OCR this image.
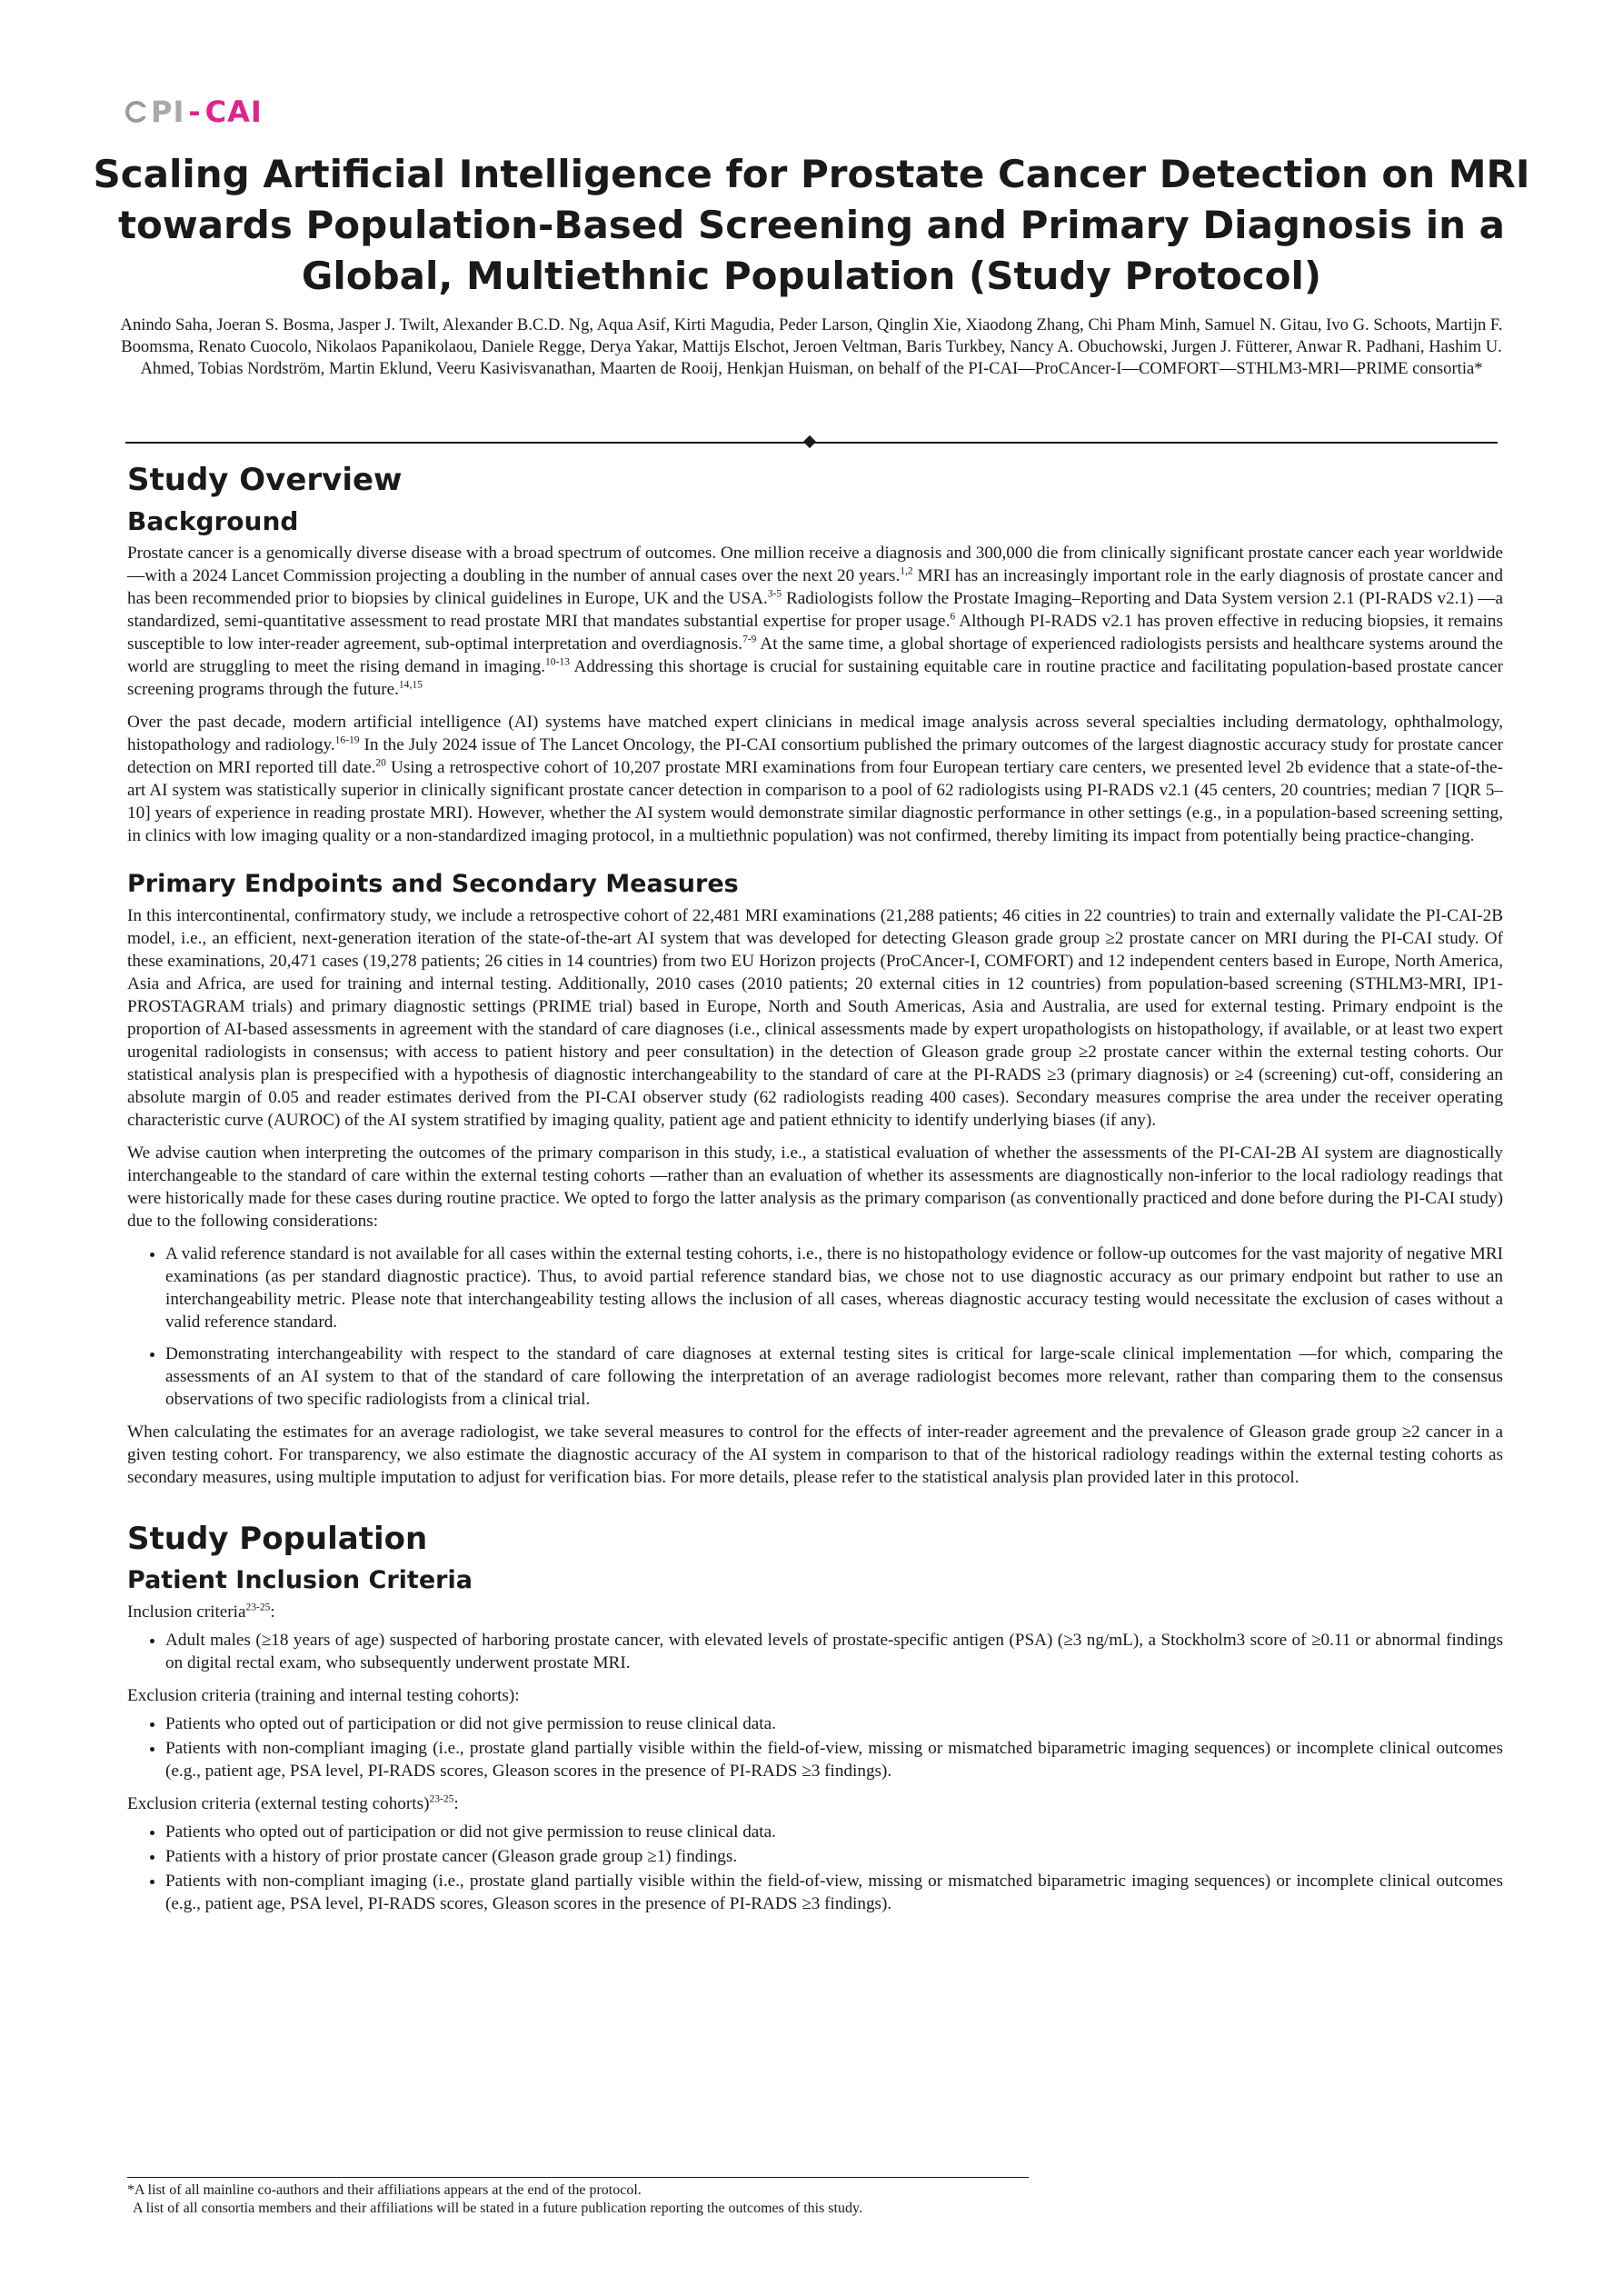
PI - CAI
Scaling Artificial Intelligence for Prostate Cancer Detection on MRI towards Population-Based Screening and Primary Diagnosis in a Global, Multiethnic Population (Study Protocol)

Anindo Saha, Joeran S. Bosma, Jasper J. Twilt, Alexander B.C.D. Ng, Aqua Asif, Kirti Magudia, Peder Larson, Qinglin Xie, Xiaodong Zhang, Chi Pham Minh, Samuel N. Gitau, Ivo G. Schoots, Martijn F. Boomsma, Renato Cuocolo, Nikolaos Papanikolaou, Daniele Regge, Derya Yakar, Mattijs Elschot, Jeroen Veltman, Baris Turkbey, Nancy A. Obuchowski, Jurgen J. Fütterer, Anwar R. Padhani, Hashim U. Ahmed, Tobias Nordström, Martin Eklund, Veeru Kasivisvanathan, Maarten de Rooij, Henkjan Huisman, on behalf of the PI-CAI—ProCAncer-I—COMFORT—STHLM3-MRI—PRIME consortia*

Study Overview
Background

Prostate cancer is a genomically diverse disease with a broad spectrum of outcomes. One million receive a diagnosis and 300,000 die from clinically significant prostate cancer each year worldwide —with a 2024 Lancet Commission projecting a doubling in the number of annual cases over the next 20 years.$^{1,2}$ MRI has an increasingly important role in the early diagnosis of prostate cancer and has been recommended prior to biopsies by clinical guidelines in Europe, UK and the USA.$^{3-5}$ Radiologists follow the Prostate Imaging–Reporting and Data System version 2.1 (PI-RADS v2.1) —a standardized, semi-quantitative assessment to read prostate MRI that mandates substantial expertise for proper usage.$^6$ Although PI-RADS v2.1 has proven effective in reducing biopsies, it remains susceptible to low inter-reader agreement, sub-optimal interpretation and overdiagnosis.$^{7-9}$ At the same time, a global shortage of experienced radiologists persists and healthcare systems around the world are struggling to meet the rising demand in imaging.$^{10-13}$ Addressing this shortage is crucial for sustaining equitable care in routine practice and facilitating population-based prostate cancer screening programs through the future.$^{14,15}$

Over the past decade, modern artificial intelligence (AI) systems have matched expert clinicians in medical image analysis across several specialties including dermatology, ophthalmology, histopathology and radiology.$^{16-19}$ In the July 2024 issue of The Lancet Oncology, the PI-CAI consortium published the primary outcomes of the largest diagnostic accuracy study for prostate cancer detection on MRI reported till date.$^{20}$ Using a retrospective cohort of 10,207 prostate MRI examinations from four European tertiary care centers, we presented level 2b evidence that a state-of-the-art AI system was statistically superior in clinically significant prostate cancer detection in comparison to a pool of 62 radiologists using PI-RADS v2.1 (45 centers, 20 countries; median 7 [IQR 5–10] years of experience in reading prostate MRI). However, whether the AI system would demonstrate similar diagnostic performance in other settings (e.g., in a population-based screening setting, in clinics with low imaging quality or a non-standardized imaging protocol, in a multiethnic population) was not confirmed, thereby limiting its impact from potentially being practice-changing.

Primary Endpoints and Secondary Measures

In this intercontinental, confirmatory study, we include a retrospective cohort of 22,481 MRI examinations (21,288 patients; 46 cities in 22 countries) to train and externally validate the PI-CAI-2B model, i.e., an efficient, next-generation iteration of the state-of-the-art AI system that was developed for detecting Gleason grade group ≥2 prostate cancer on MRI during the PI-CAI study. Of these examinations, 20,471 cases (19,278 patients; 26 cities in 14 countries) from two EU Horizon projects (ProCAncer-I, COMFORT) and 12 independent centers based in Europe, North America, Asia and Africa, are used for training and internal testing. Additionally, 2010 cases (2010 patients; 20 external cities in 12 countries) from population-based screening (STHLM3-MRI, IP1-PROSTAGRAM trials) and primary diagnostic settings (PRIME trial) based in Europe, North and South Americas, Asia and Australia, are used for external testing. Primary endpoint is the proportion of AI-based assessments in agreement with the standard of care diagnoses (i.e., clinical assessments made by expert uropathologists on histopathology, if available, or at least two expert urogenital radiologists in consensus; with access to patient history and peer consultation) in the detection of Gleason grade group ≥2 prostate cancer within the external testing cohorts. Our statistical analysis plan is prespecified with a hypothesis of diagnostic interchangeability to the standard of care at the PI-RADS ≥3 (primary diagnosis) or ≥4 (screening) cut-off, considering an absolute margin of 0.05 and reader estimates derived from the PI-CAI observer study (62 radiologists reading 400 cases). Secondary measures comprise the area under the receiver operating characteristic curve (AUROC) of the AI system stratified by imaging quality, patient age and patient ethnicity to identify underlying biases (if any).

We advise caution when interpreting the outcomes of the primary comparison in this study, i.e., a statistical evaluation of whether the assessments of the PI-CAI-2B AI system are diagnostically interchangeable to the standard of care within the external testing cohorts —rather than an evaluation of whether its assessments are diagnostically non-inferior to the local radiology readings that were historically made for these cases during routine practice. We opted to forgo the latter analysis as the primary comparison (as conventionally practiced and done before during the PI-CAI study) due to the following considerations:

• A valid reference standard is not available for all cases within the external testing cohorts, i.e., there is no histopathology evidence or follow-up outcomes for the vast majority of negative MRI examinations (as per standard diagnostic practice). Thus, to avoid partial reference standard bias, we chose not to use diagnostic accuracy as our primary endpoint but rather to use an interchangeability metric. Please note that interchangeability testing allows the inclusion of all cases, whereas diagnostic accuracy testing would necessitate the exclusion of cases without a valid reference standard.
• Demonstrating interchangeability with respect to the standard of care diagnoses at external testing sites is critical for large-scale clinical implementation —for which, comparing the assessments of an AI system to that of the standard of care following the interpretation of an average radiologist becomes more relevant, rather than comparing them to the consensus observations of two specific radiologists from a clinical trial.

When calculating the estimates for an average radiologist, we take several measures to control for the effects of inter-reader agreement and the prevalence of Gleason grade group ≥2 cancer in a given testing cohort. For transparency, we also estimate the diagnostic accuracy of the AI system in comparison to that of the historical radiology readings within the external testing cohorts as secondary measures, using multiple imputation to adjust for verification bias. For more details, please refer to the statistical analysis plan provided later in this protocol.

Study Population
Patient Inclusion Criteria

Inclusion criteria$^{23-25}$:

• Adult males (≥18 years of age) suspected of harboring prostate cancer, with elevated levels of prostate-specific antigen (PSA) (≥3 ng/mL), a Stockholm3 score of ≥0.11 or abnormal findings on digital rectal exam, who subsequently underwent prostate MRI.

Exclusion criteria (training and internal testing cohorts):

• Patients who opted out of participation or did not give permission to reuse clinical data.
• Patients with non-compliant imaging (i.e., prostate gland partially visible within the field-of-view, missing or mismatched biparametric imaging sequences) or incomplete clinical outcomes (e.g., patient age, PSA level, PI-RADS scores, Gleason scores in the presence of PI-RADS ≥3 findings).

Exclusion criteria (external testing cohorts)$^{23-25}$:

• Patients who opted out of participation or did not give permission to reuse clinical data.
• Patients with a history of prior prostate cancer (Gleason grade group ≥1) findings.
• Patients with non-compliant imaging (i.e., prostate gland partially visible within the field-of-view, missing or mismatched biparametric imaging sequences) or incomplete clinical outcomes (e.g., patient age, PSA level, PI-RADS scores, Gleason scores in the presence of PI-RADS ≥3 findings).
*A list of all mainline co-authors and their affiliations appears at the end of the protocol.
A list of all consortia members and their affiliations will be stated in a future publication reporting the outcomes of this study.
